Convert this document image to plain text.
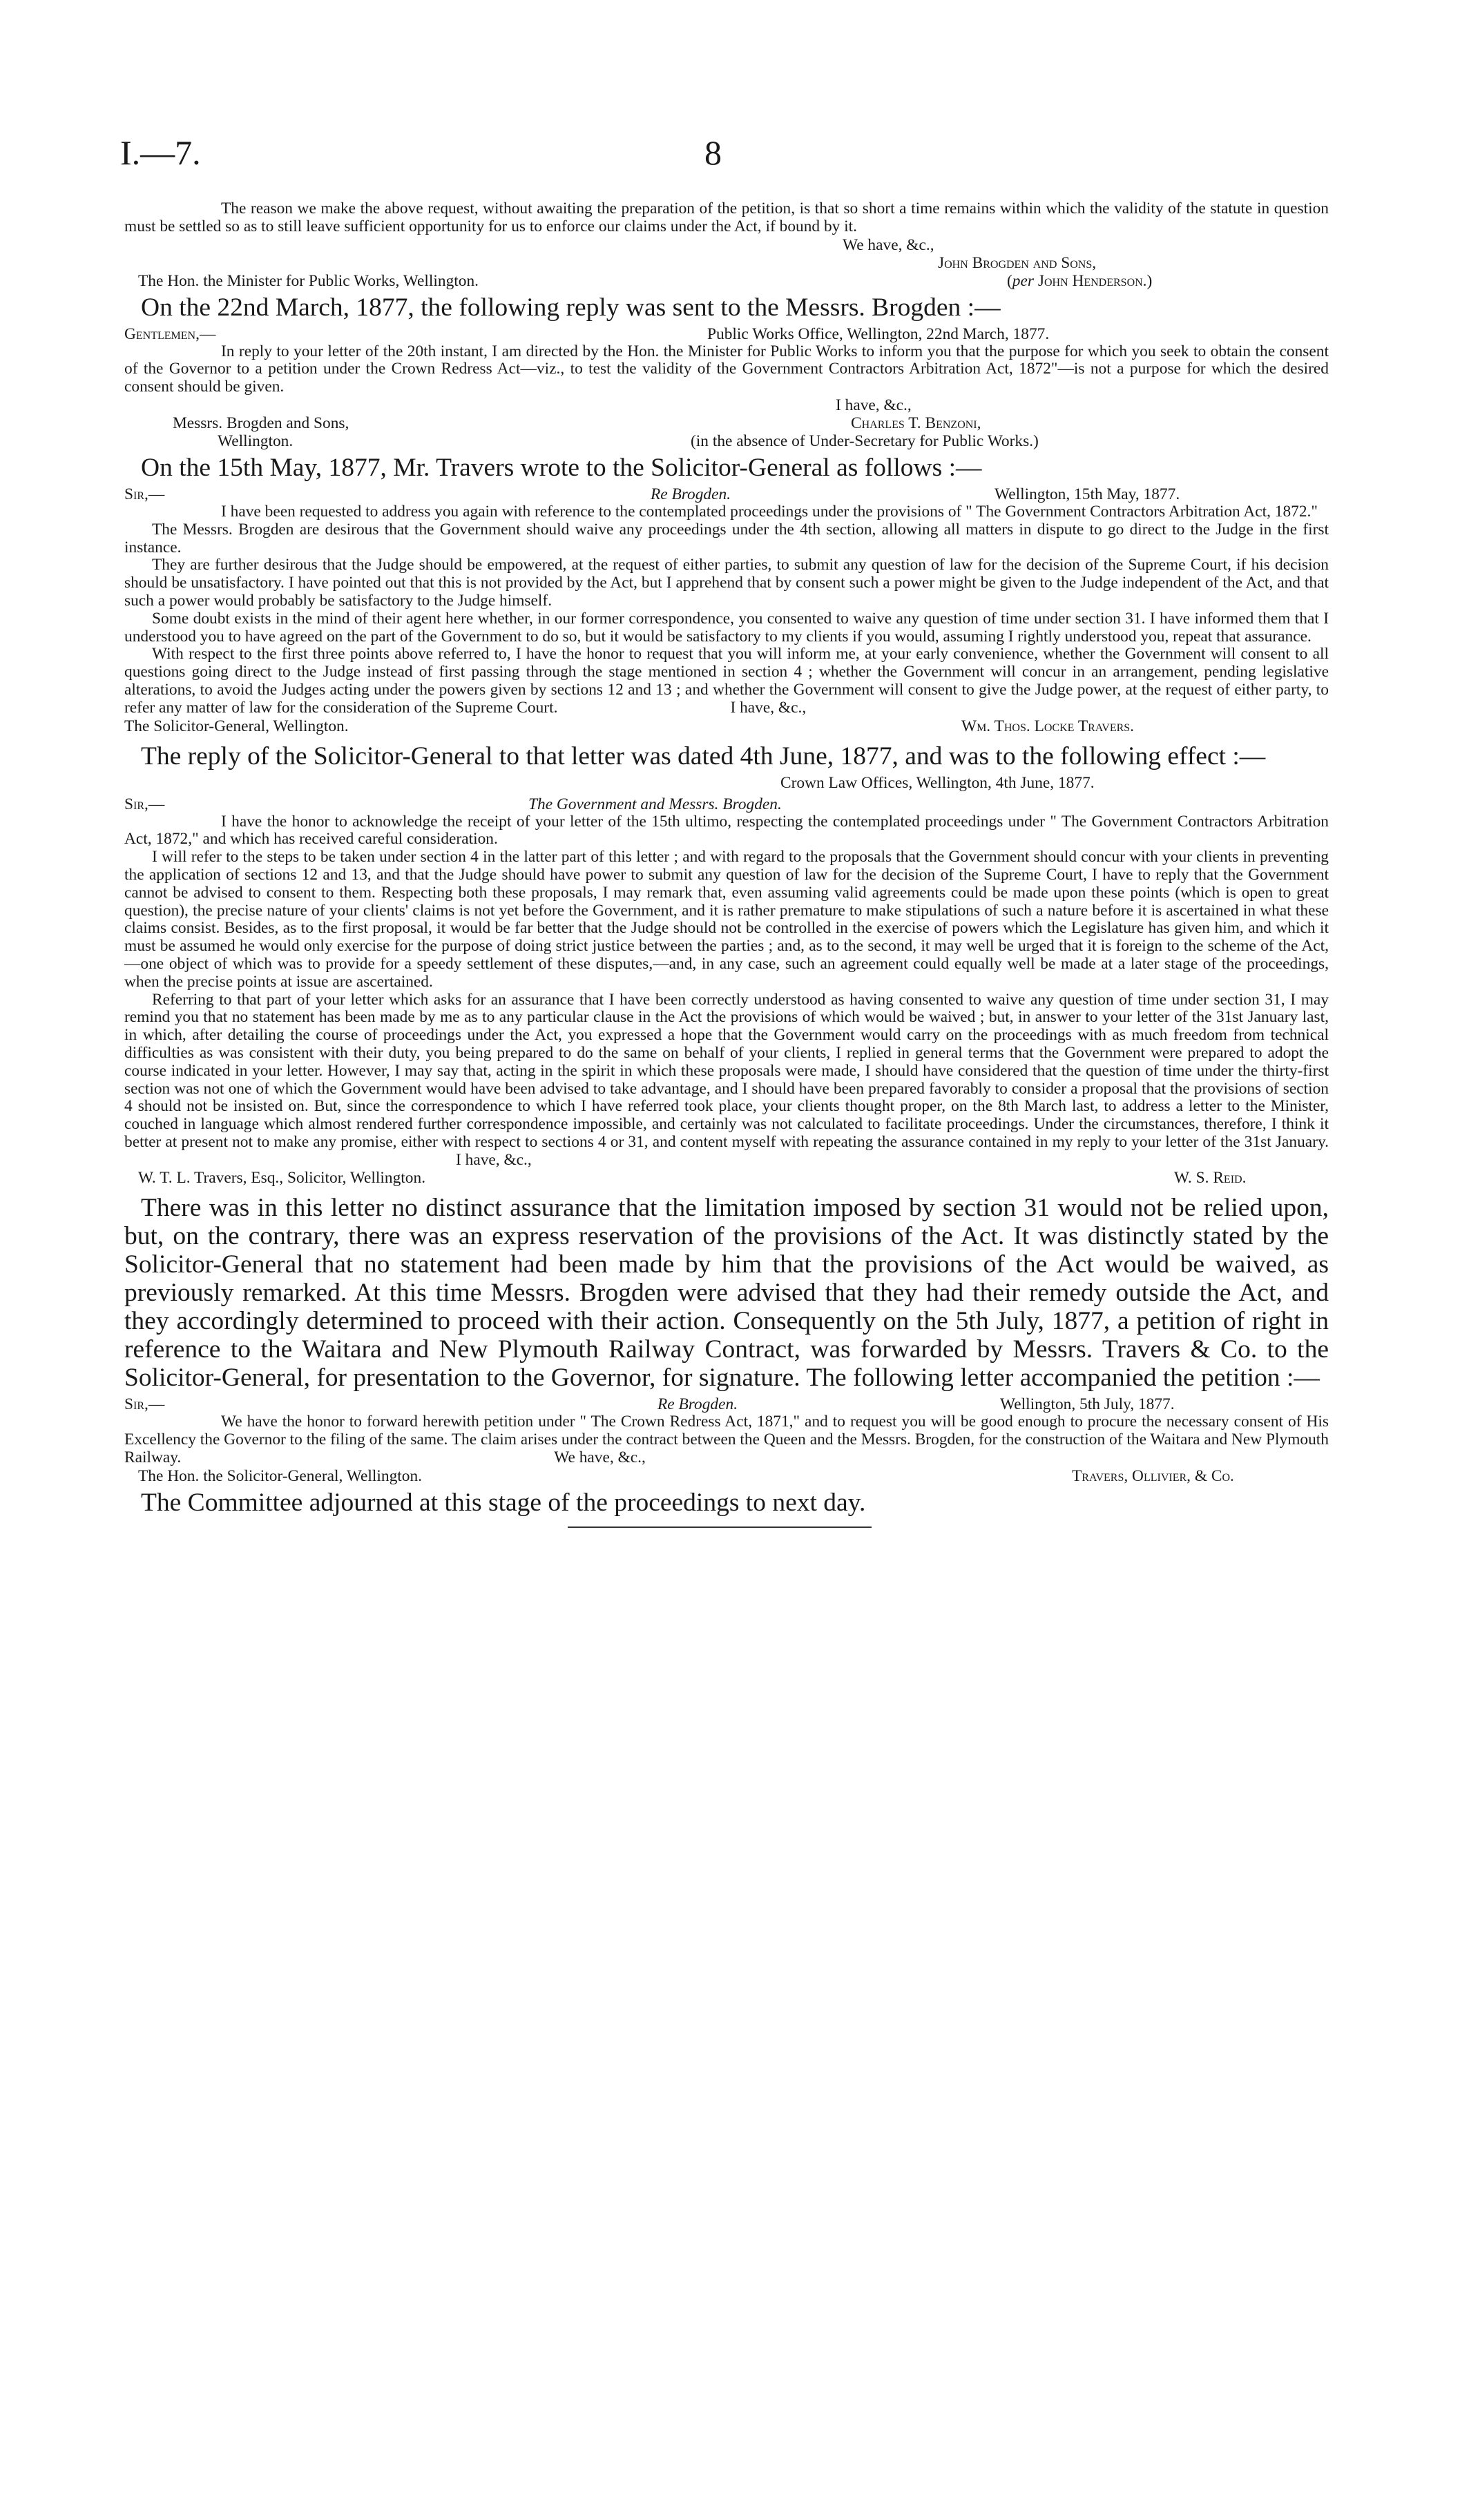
I.—7.	8

The reason we make the above request, without awaiting the preparation of the petition, is that so short a time remains within which the validity of the statute in question must be settled so as to still leave sufficient opportunity for us to enforce our claims under the Act, if bound by it.

We have, &c.,
John Brogden and Sons,
The Hon. the Minister for Public Works, Wellington.	(per John Henderson.)

On the 22nd March, 1877, the following reply was sent to the Messrs. Brogden :—

Gentlemen,—	Public Works Office, Wellington, 22nd March, 1877.

In reply to your letter of the 20th instant, I am directed by the Hon. the Minister for Public Works to inform you that the purpose for which you seek to obtain the consent of the Governor to a petition under the Crown Redress Act—viz., to test the validity of the Government Contractors Arbitration Act, 1872"—is not a purpose for which the desired consent should be given.

I have, &c.,
Messrs. Brogden and Sons,	Charles T. Benzoni,
Wellington.	(in the absence of Under-Secretary for Public Works.)

On the 15th May, 1877, Mr. Travers wrote to the Solicitor-General as follows :—

Sir,—	Re Brogden.	Wellington, 15th May, 1877.

I have been requested to address you again with reference to the contemplated proceedings under the provisions of " The Government Contractors Arbitration Act, 1872."

The Messrs. Brogden are desirous that the Government should waive any proceedings under the 4th section, allowing all matters in dispute to go direct to the Judge in the first instance.

They are further desirous that the Judge should be empowered, at the request of either parties, to submit any question of law for the decision of the Supreme Court, if his decision should be unsatisfactory. I have pointed out that this is not provided by the Act, but I apprehend that by consent such a power might be given to the Judge independent of the Act, and that such a power would probably be satisfactory to the Judge himself.

Some doubt exists in the mind of their agent here whether, in our former correspondence, you consented to waive any question of time under section 31. I have informed them that I understood you to have agreed on the part of the Government to do so, but it would be satisfactory to my clients if you would, assuming I rightly understood you, repeat that assurance.

With respect to the first three points above referred to, I have the honor to request that you will inform me, at your early convenience, whether the Government will consent to all questions going direct to the Judge instead of first passing through the stage mentioned in section 4 ; whether the Government will concur in an arrangement, pending legislative alterations, to avoid the Judges acting under the powers given by sections 12 and 13 ; and whether the Government will consent to give the Judge power, at the request of either party, to refer any matter of law for the consideration of the Supreme Court.	I have, &c.,

The Solicitor-General, Wellington.	Wm. Thos. Locke Travers.

The reply of the Solicitor-General to that letter was dated 4th June, 1877, and was to the following effect :—

Crown Law Offices, Wellington, 4th June, 1877.
Sir,—	The Government and Messrs. Brogden.

I have the honor to acknowledge the receipt of your letter of the 15th ultimo, respecting the contemplated proceedings under " The Government Contractors Arbitration Act, 1872," and which has received careful consideration.

I will refer to the steps to be taken under section 4 in the latter part of this letter ; and with regard to the proposals that the Government should concur with your clients in preventing the application of sections 12 and 13, and that the Judge should have power to submit any question of law for the decision of the Supreme Court, I have to reply that the Government cannot be advised to consent to them. Respecting both these proposals, I may remark that, even assuming valid agreements could be made upon these points (which is open to great question), the precise nature of your clients' claims is not yet before the Government, and it is rather premature to make stipulations of such a nature before it is ascertained in what these claims consist. Besides, as to the first proposal, it would be far better that the Judge should not be controlled in the exercise of powers which the Legislature has given him, and which it must be assumed he would only exercise for the purpose of doing strict justice between the parties ; and, as to the second, it may well be urged that it is foreign to the scheme of the Act,—one object of which was to provide for a speedy settlement of these disputes,—and, in any case, such an agreement could equally well be made at a later stage of the proceedings, when the precise points at issue are ascertained.

Referring to that part of your letter which asks for an assurance that I have been correctly understood as having consented to waive any question of time under section 31, I may remind you that no statement has been made by me as to any particular clause in the Act the provisions of which would be waived ; but, in answer to your letter of the 31st January last, in which, after detailing the course of proceedings under the Act, you expressed a hope that the Government would carry on the proceedings with as much freedom from technical difficulties as was consistent with their duty, you being prepared to do the same on behalf of your clients, I replied in general terms that the Government were prepared to adopt the course indicated in your letter. However, I may say that, acting in the spirit in which these proposals were made, I should have considered that the question of time under the thirty-first section was not one of which the Government would have been advised to take advantage, and I should have been prepared favorably to consider a proposal that the provisions of section 4 should not be insisted on. But, since the correspondence to which I have referred took place, your clients thought proper, on the 8th March last, to address a letter to the Minister, couched in language which almost rendered further correspondence impossible, and certainly was not calculated to facilitate proceedings. Under the circumstances, therefore, I think it better at present not to make any promise, either with respect to sections 4 or 31, and content myself with repeating the assurance contained in my reply to your letter of the 31st January.I have, &c.,

W. T. L. Travers, Esq., Solicitor, Wellington.	W. S. Reid.

There was in this letter no distinct assurance that the limitation imposed by section 31 would not be relied upon, but, on the contrary, there was an express reservation of the provisions of the Act. It was distinctly stated by the Solicitor-General that no statement had been made by him that the provisions of the Act would be waived, as previously remarked. At this time Messrs. Brogden were advised that they had their remedy outside the Act, and they accordingly determined to proceed with their action. Consequently on the 5th July, 1877, a petition of right in reference to the Waitara and New Plymouth Railway Contract, was forwarded by Messrs. Travers & Co. to the Solicitor-General, for presentation to the Governor, for signature. The following letter accompanied the petition :—

Sir,—	Re Brogden.	Wellington, 5th July, 1877.

We have the honor to forward herewith petition under " The Crown Redress Act, 1871," and to request you will be good enough to procure the necessary consent of His Excellency the Governor to the filing of the same. The claim arises under the contract between the Queen and the Messrs. Brogden, for the construction of the Waitara and New Plymouth Railway.	We have, &c.,

The Hon. the Solicitor-General, Wellington.	Travers, Ollivier, & Co.

The Committee adjourned at this stage of the proceedings to next day.
